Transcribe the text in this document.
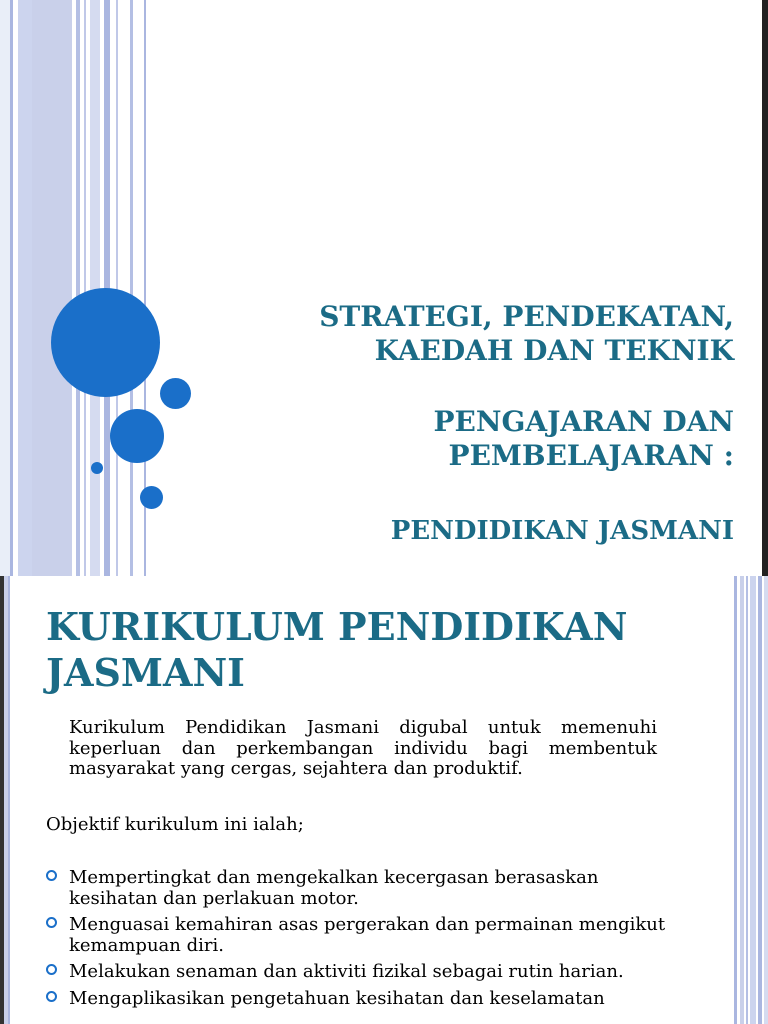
STRATEGI, PENDEKATAN,
KAEDAH DAN TEKNIK
PENGAJARAN DAN
PEMBELAJARAN :
PENDIDIKAN JASMANI
KURIKULUM PENDIDIKAN
JASMANI
Kurikulum Pendidikan Jasmani digubal untuk memenuhi keperluan dan perkembangan individu bagi membentuk masyarakat yang cergas, sejahtera dan produktif.
Objektif kurikulum ini ialah;
Mempertingkat dan mengekalkan kecergasan berasaskan kesihatan dan perlakuan motor.
Menguasai kemahiran asas pergerakan dan permainan mengikut kemampuan diri.
Melakukan senaman dan aktiviti fizikal sebagai rutin harian.
Mengaplikasikan pengetahuan kesihatan dan keselamatan
